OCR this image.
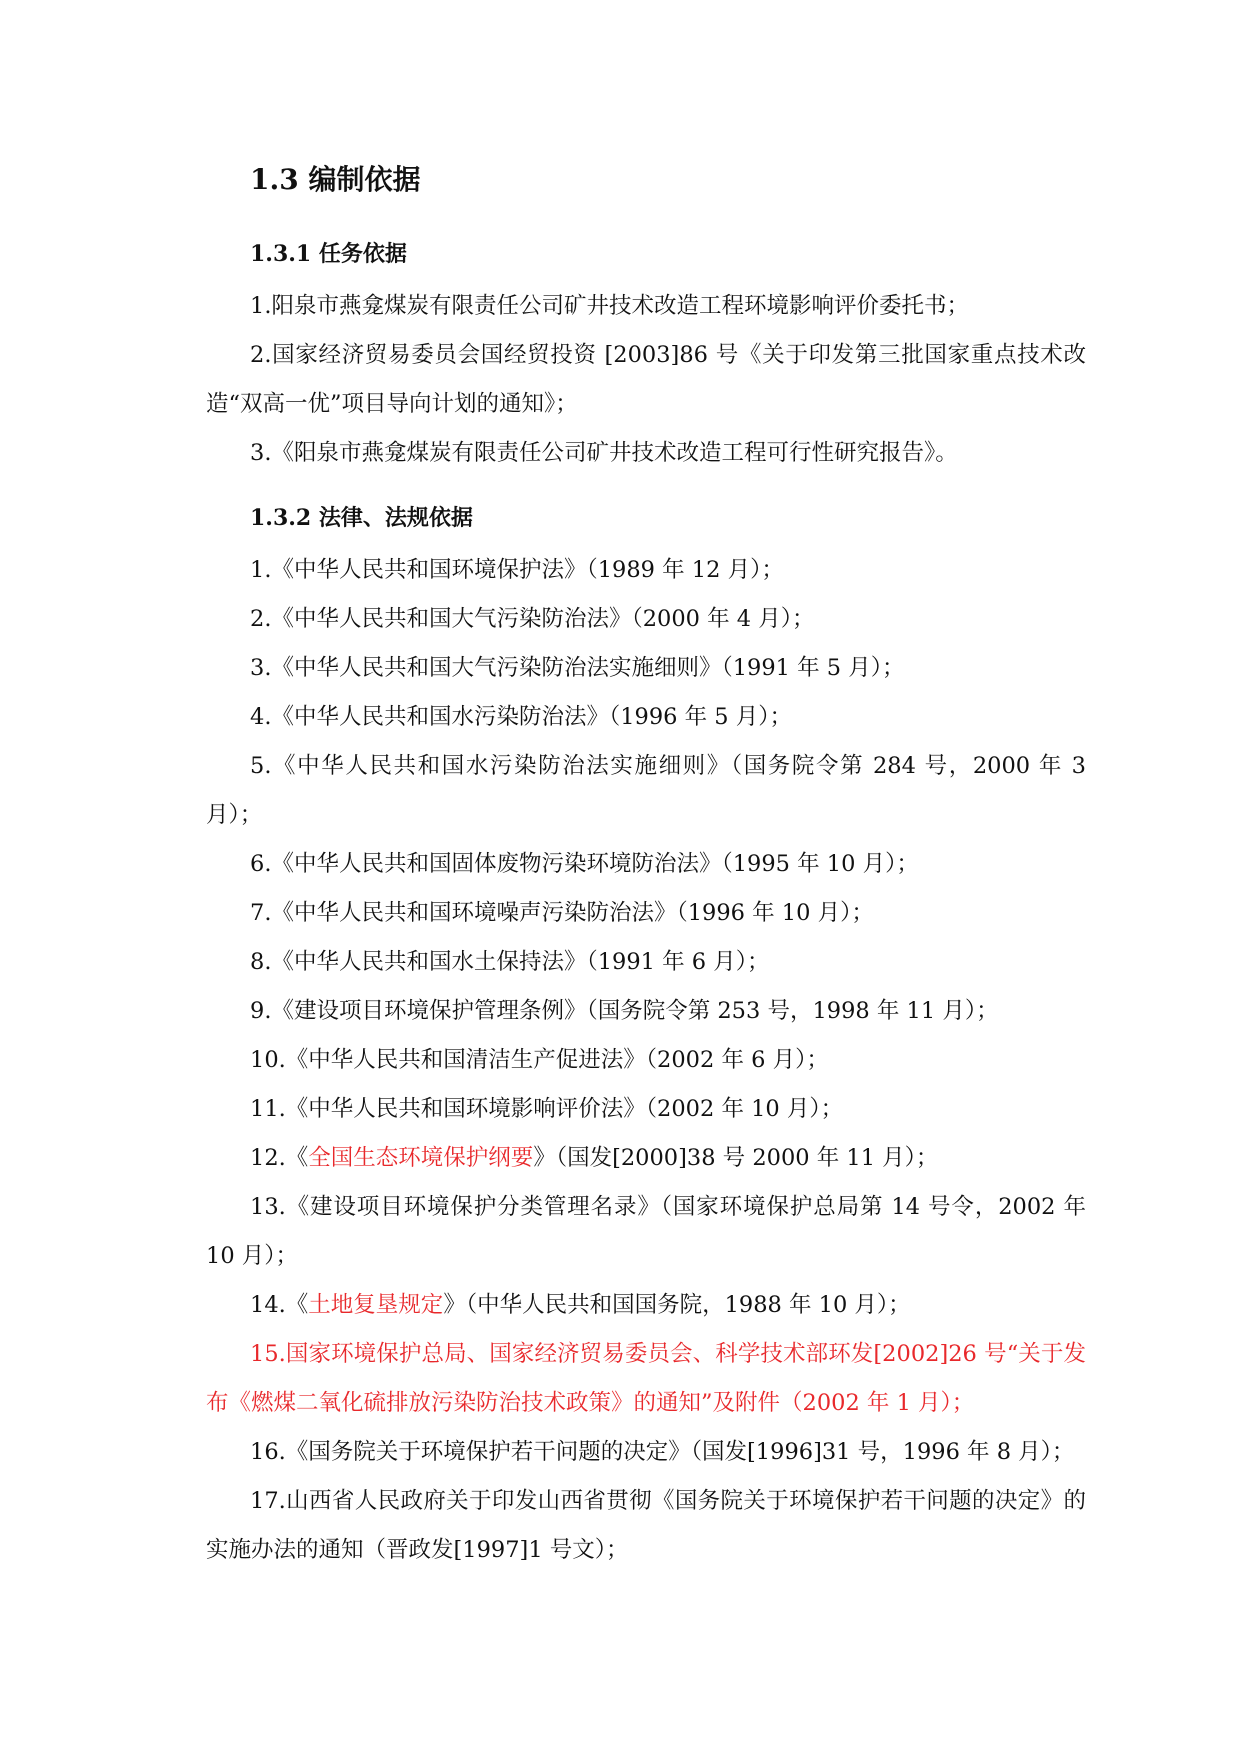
1.3 编制依据
1.3.1 任务依据
1.阳泉市燕龛煤炭有限责任公司矿井技术改造工程环境影响评价委托书；
2.国家经济贸易委员会国经贸投资 [2003]86 号《关于印发第三批国家重点技术改造“双高一优”项目导向计划的通知》；
3.《阳泉市燕龛煤炭有限责任公司矿井技术改造工程可行性研究报告》。
1.3.2 法律、法规依据
1.《中华人民共和国环境保护法》（1989 年 12 月）；
2.《中华人民共和国大气污染防治法》（2000 年 4 月）；
3.《中华人民共和国大气污染防治法实施细则》（1991 年 5 月）；
4.《中华人民共和国水污染防治法》（1996 年 5 月）；
5.《中华人民共和国水污染防治法实施细则》（国务院令第 284 号，2000 年 3 月）；
6.《中华人民共和国固体废物污染环境防治法》（1995 年 10 月）；
7.《中华人民共和国环境噪声污染防治法》（1996 年 10 月）；
8.《中华人民共和国水土保持法》（1991 年 6 月）；
9.《建设项目环境保护管理条例》（国务院令第 253 号，1998 年 11 月）；
10.《中华人民共和国清洁生产促进法》（2002 年 6 月）；
11.《中华人民共和国环境影响评价法》（2002 年 10 月）；
12.《全国生态环境保护纲要》（国发[2000]38 号 2000 年 11 月）；
13.《建设项目环境保护分类管理名录》（国家环境保护总局第 14 号令，2002 年 10 月）；
14.《土地复垦规定》（中华人民共和国国务院，1988 年 10 月）；
15.国家环境保护总局、国家经济贸易委员会、科学技术部环发[2002]26 号“关于发布《燃煤二氧化硫排放污染防治技术政策》的通知”及附件（2002 年 1 月）；
16.《国务院关于环境保护若干问题的决定》（国发[1996]31 号，1996 年 8 月）；
17.山西省人民政府关于印发山西省贯彻《国务院关于环境保护若干问题的决定》的实施办法的通知（晋政发[1997]1 号文）；
